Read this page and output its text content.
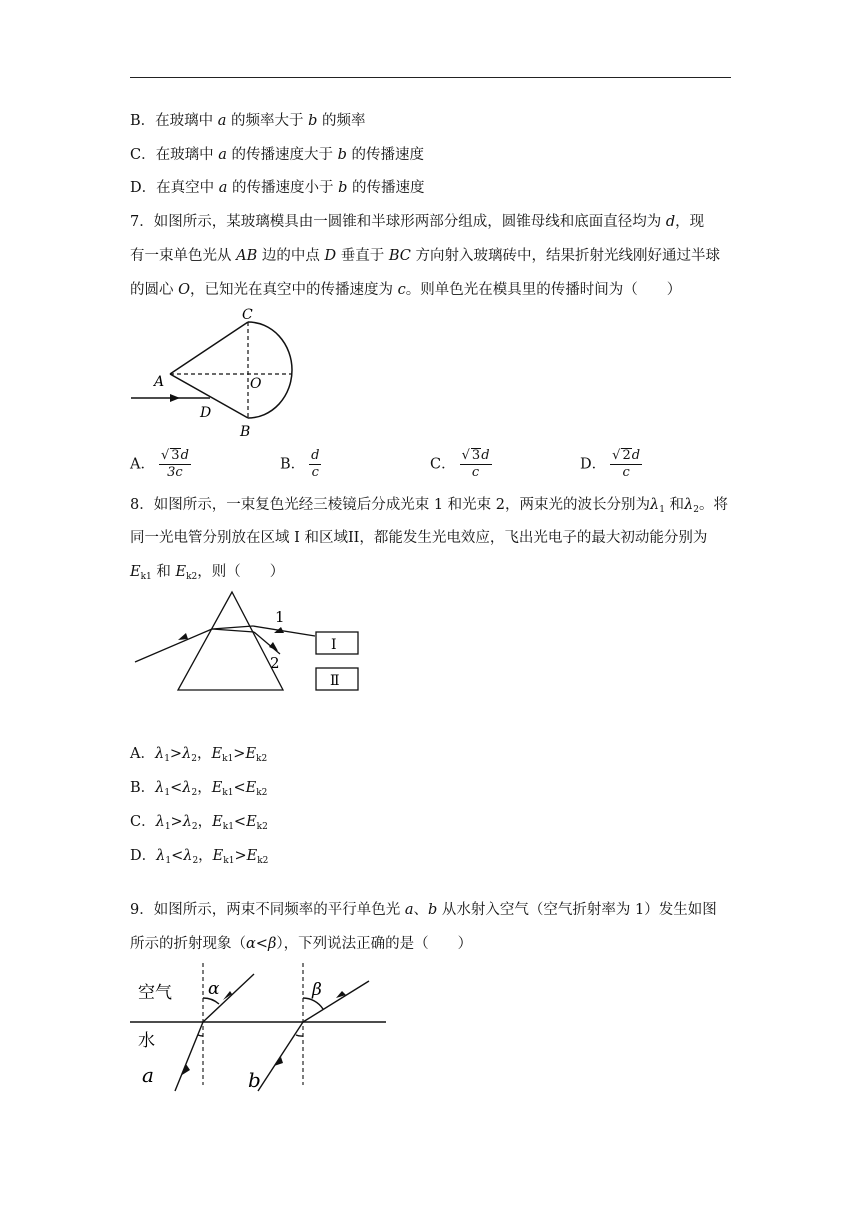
B．在玻璃中 a 的频率大于 b 的频率
C．在玻璃中 a 的传播速度大于 b 的传播速度
D．在真空中 a 的传播速度小于 b 的传播速度
7．如图所示，某玻璃模具由一圆锥和半球形两部分组成，圆锥母线和底面直径均为 d，现
有一束单色光从 AB 边的中点 D 垂直于 BC 方向射入玻璃砖中，结果折射光线刚好通过半球
的圆心 O，已知光在真空中的传播速度为 c。则单色光在模具里的传播时间为（　　）
C
A	O
D
B
A． $\frac{√ 3d}{3c}$	B． $\frac{d}{c}$	C． $\frac{√ 3d}{c}$	D． $\frac{√ 2d}{c}$
8．如图所示，一束复色光经三棱镜后分成光束 1 和光束 2，两束光的波长分别为$\lambda_1$ 和$\lambda_2$。将
同一光电管分别放在区域 I 和区域II，都能发生光电效应，飞出光电子的最大初动能分别为
$E_{k1}$ 和 $E_{k2}$，则（　　）
1
2
Ⅰ
Ⅱ
A．$\lambda_1>\lambda_2$，$E_{k1}>E_{k2}$
B．$\lambda_1<\lambda_2$，$E_{k1}<E_{k2}$
C．$\lambda_1>\lambda_2$，$E_{k1}<E_{k2}$
D．$\lambda_1<\lambda_2$，$E_{k1}>E_{k2}$
9．如图所示，两束不同频率的平行单色光 a、b 从水射入空气（空气折射率为 1）发生如图
所示的折射现象（α<β），下列说法正确的是（　　）
空气
水
α	β
a	b
